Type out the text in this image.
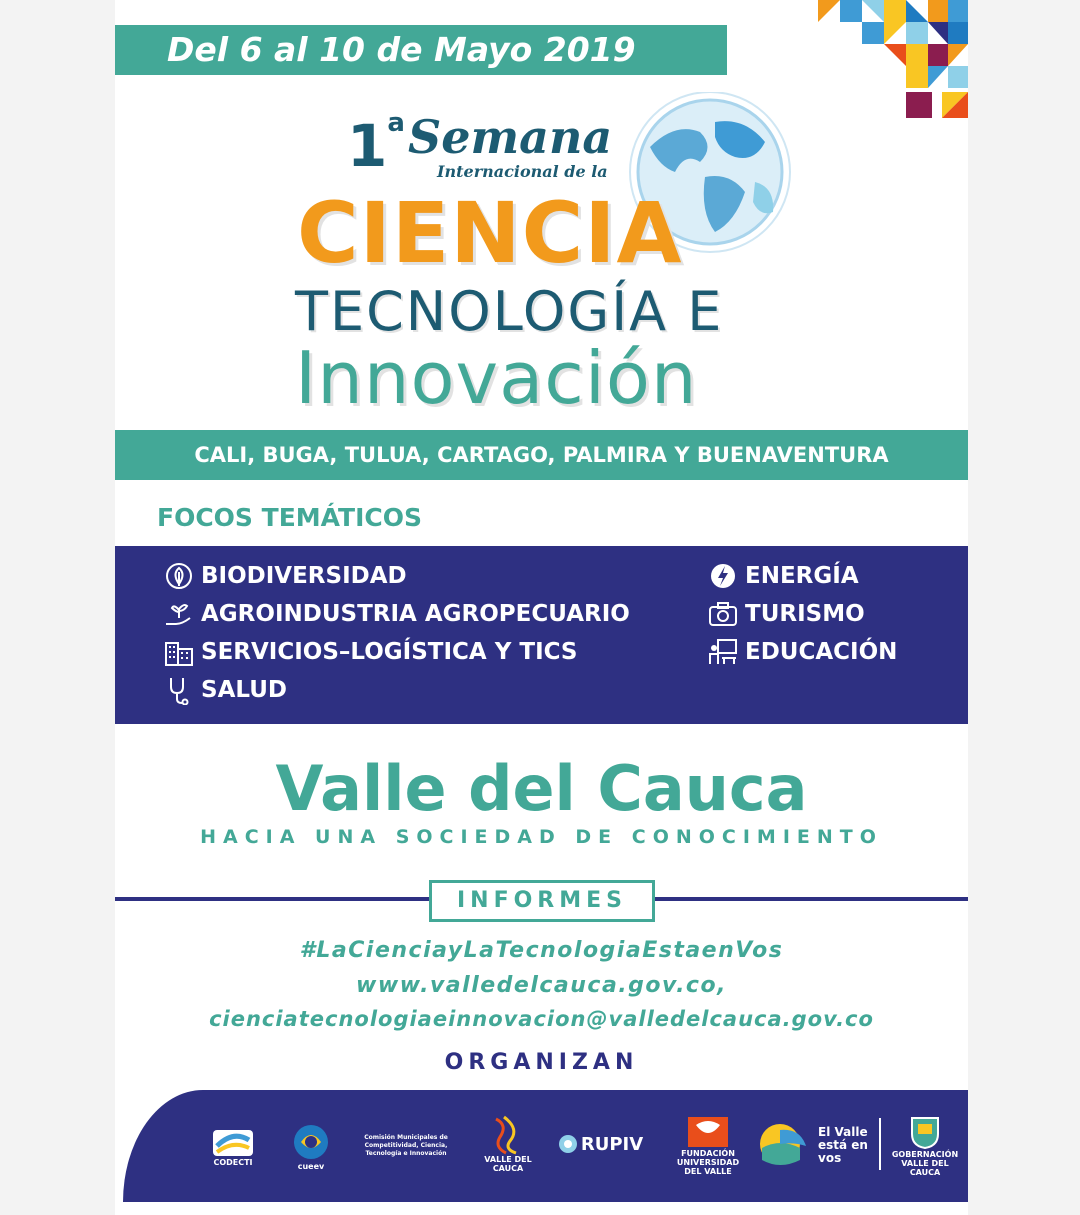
Del 6 al 10 de Mayo 2019
1$^a$ Semana
Internacional de la
CIENCIA
TECNOLOGÍA E
Innovación
CALI, BUGA, TULUA, CARTAGO, PALMIRA Y BUENAVENTURA
FOCOS TEMÁTICOS
BIODIVERSIDAD
AGROINDUSTRIA AGROPECUARIO
SERVICIOS–LOGÍSTICA Y TICS
SALUD
ENERGÍA
TURISMO
EDUCACIÓN
Valle del Cauca
HACIA UNA SOCIEDAD DE CONOCIMIENTO
INFORMES
#LaCienciayLaTecnologiaEstaenVos
www.valledelcauca.gov.co,
cienciatecnologiaeinnovacion@valledelcauca.gov.co
ORGANIZAN
CODECTI	cueev
Comisión Municipales de Competitividad, Ciencia, Tecnología e Innovación
VALLE DEL CAUCA
RUPIV	FUNDACIÓN UNIVERSIDAD DEL VALLE
El Valle está en vos	GOBERNACIÓN VALLE DEL CAUCA
